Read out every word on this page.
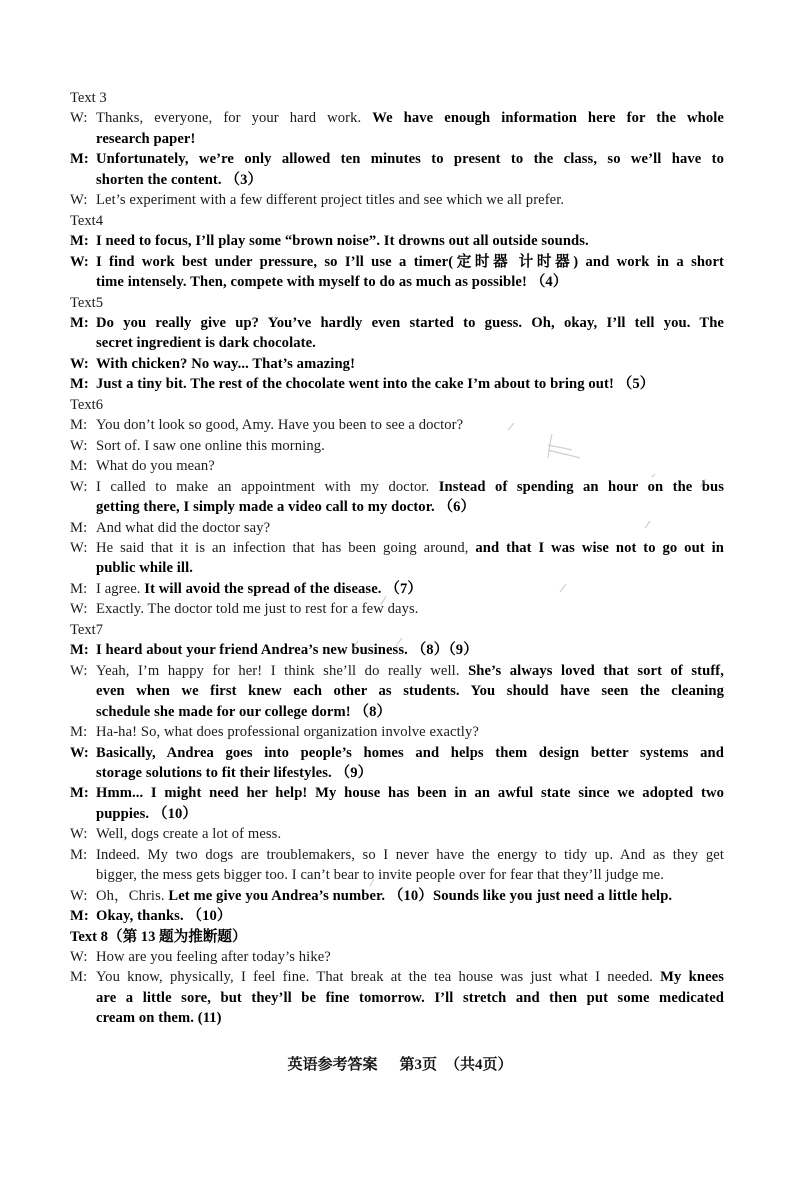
Text 3
W: Thanks, everyone, for your hard work. We have enough information here for the whole
research paper!
M: Unfortunately, we’re only allowed ten minutes to present to the class, so we’ll have to
shorten the content. （3）
W: Let’s experiment with a few different project titles and see which we all prefer.
Text4
M: I need to focus, I’ll play some “brown noise”. It drowns out all outside sounds.
W: I find work best under pressure, so I’ll use a timer(定时器 计时器) and work in a short
time intensely. Then, compete with myself to do as much as possible! （4）
Text5
M: Do you really give up? You’ve hardly even started to guess. Oh, okay, I’ll tell you. The
secret ingredient is dark chocolate.
W: With chicken? No way... That’s amazing!
M: Just a tiny bit. The rest of the chocolate went into the cake I’m about to bring out! （5）
Text6
M: You don’t look so good, Amy. Have you been to see a doctor?
W: Sort of. I saw one online this morning.
M: What do you mean?
W: I called to make an appointment with my doctor. Instead of spending an hour on the bus
getting there, I simply made a video call to my doctor. （6）
M: And what did the doctor say?
W: He said that it is an infection that has been going around, and that I was wise not to go out in
public while ill.
M: I agree. It will avoid the spread of the disease. （7）
W: Exactly. The doctor told me just to rest for a few days.
Text7
M: I heard about your friend Andrea’s new business. （8）（9）
W: Yeah, I’m happy for her! I think she’ll do really well. She’s always loved that sort of stuff,
even when we first knew each other as students. You should have seen the cleaning
schedule she made for our college dorm! （8）
M: Ha-ha! So, what does professional organization involve exactly?
W: Basically, Andrea goes into people’s homes and helps them design better systems and
storage solutions to fit their lifestyles. （9）
M: Hmm... I might need her help! My house has been in an awful state since we adopted two
puppies. （10）
W: Well, dogs create a lot of mess.
M: Indeed. My two dogs are troublemakers, so I never have the energy to tidy up. And as they get
bigger, the mess gets bigger too. I can’t bear to invite people over for fear that they’ll judge me.
W: Oh，Chris. Let me give you Andrea’s number. （10）Sounds like you just need a little help.
M: Okay, thanks. （10）
Text 8（第 13 题为推断题）
W: How are you feeling after today’s hike?
M: You know, physically, I feel fine. That break at the tea house was just what I needed. My knees
are a little sore, but they’ll be fine tomorrow. I’ll stretch and then put some medicated
cream on them. (11)
英语参考答案 第3页 （共4页）
